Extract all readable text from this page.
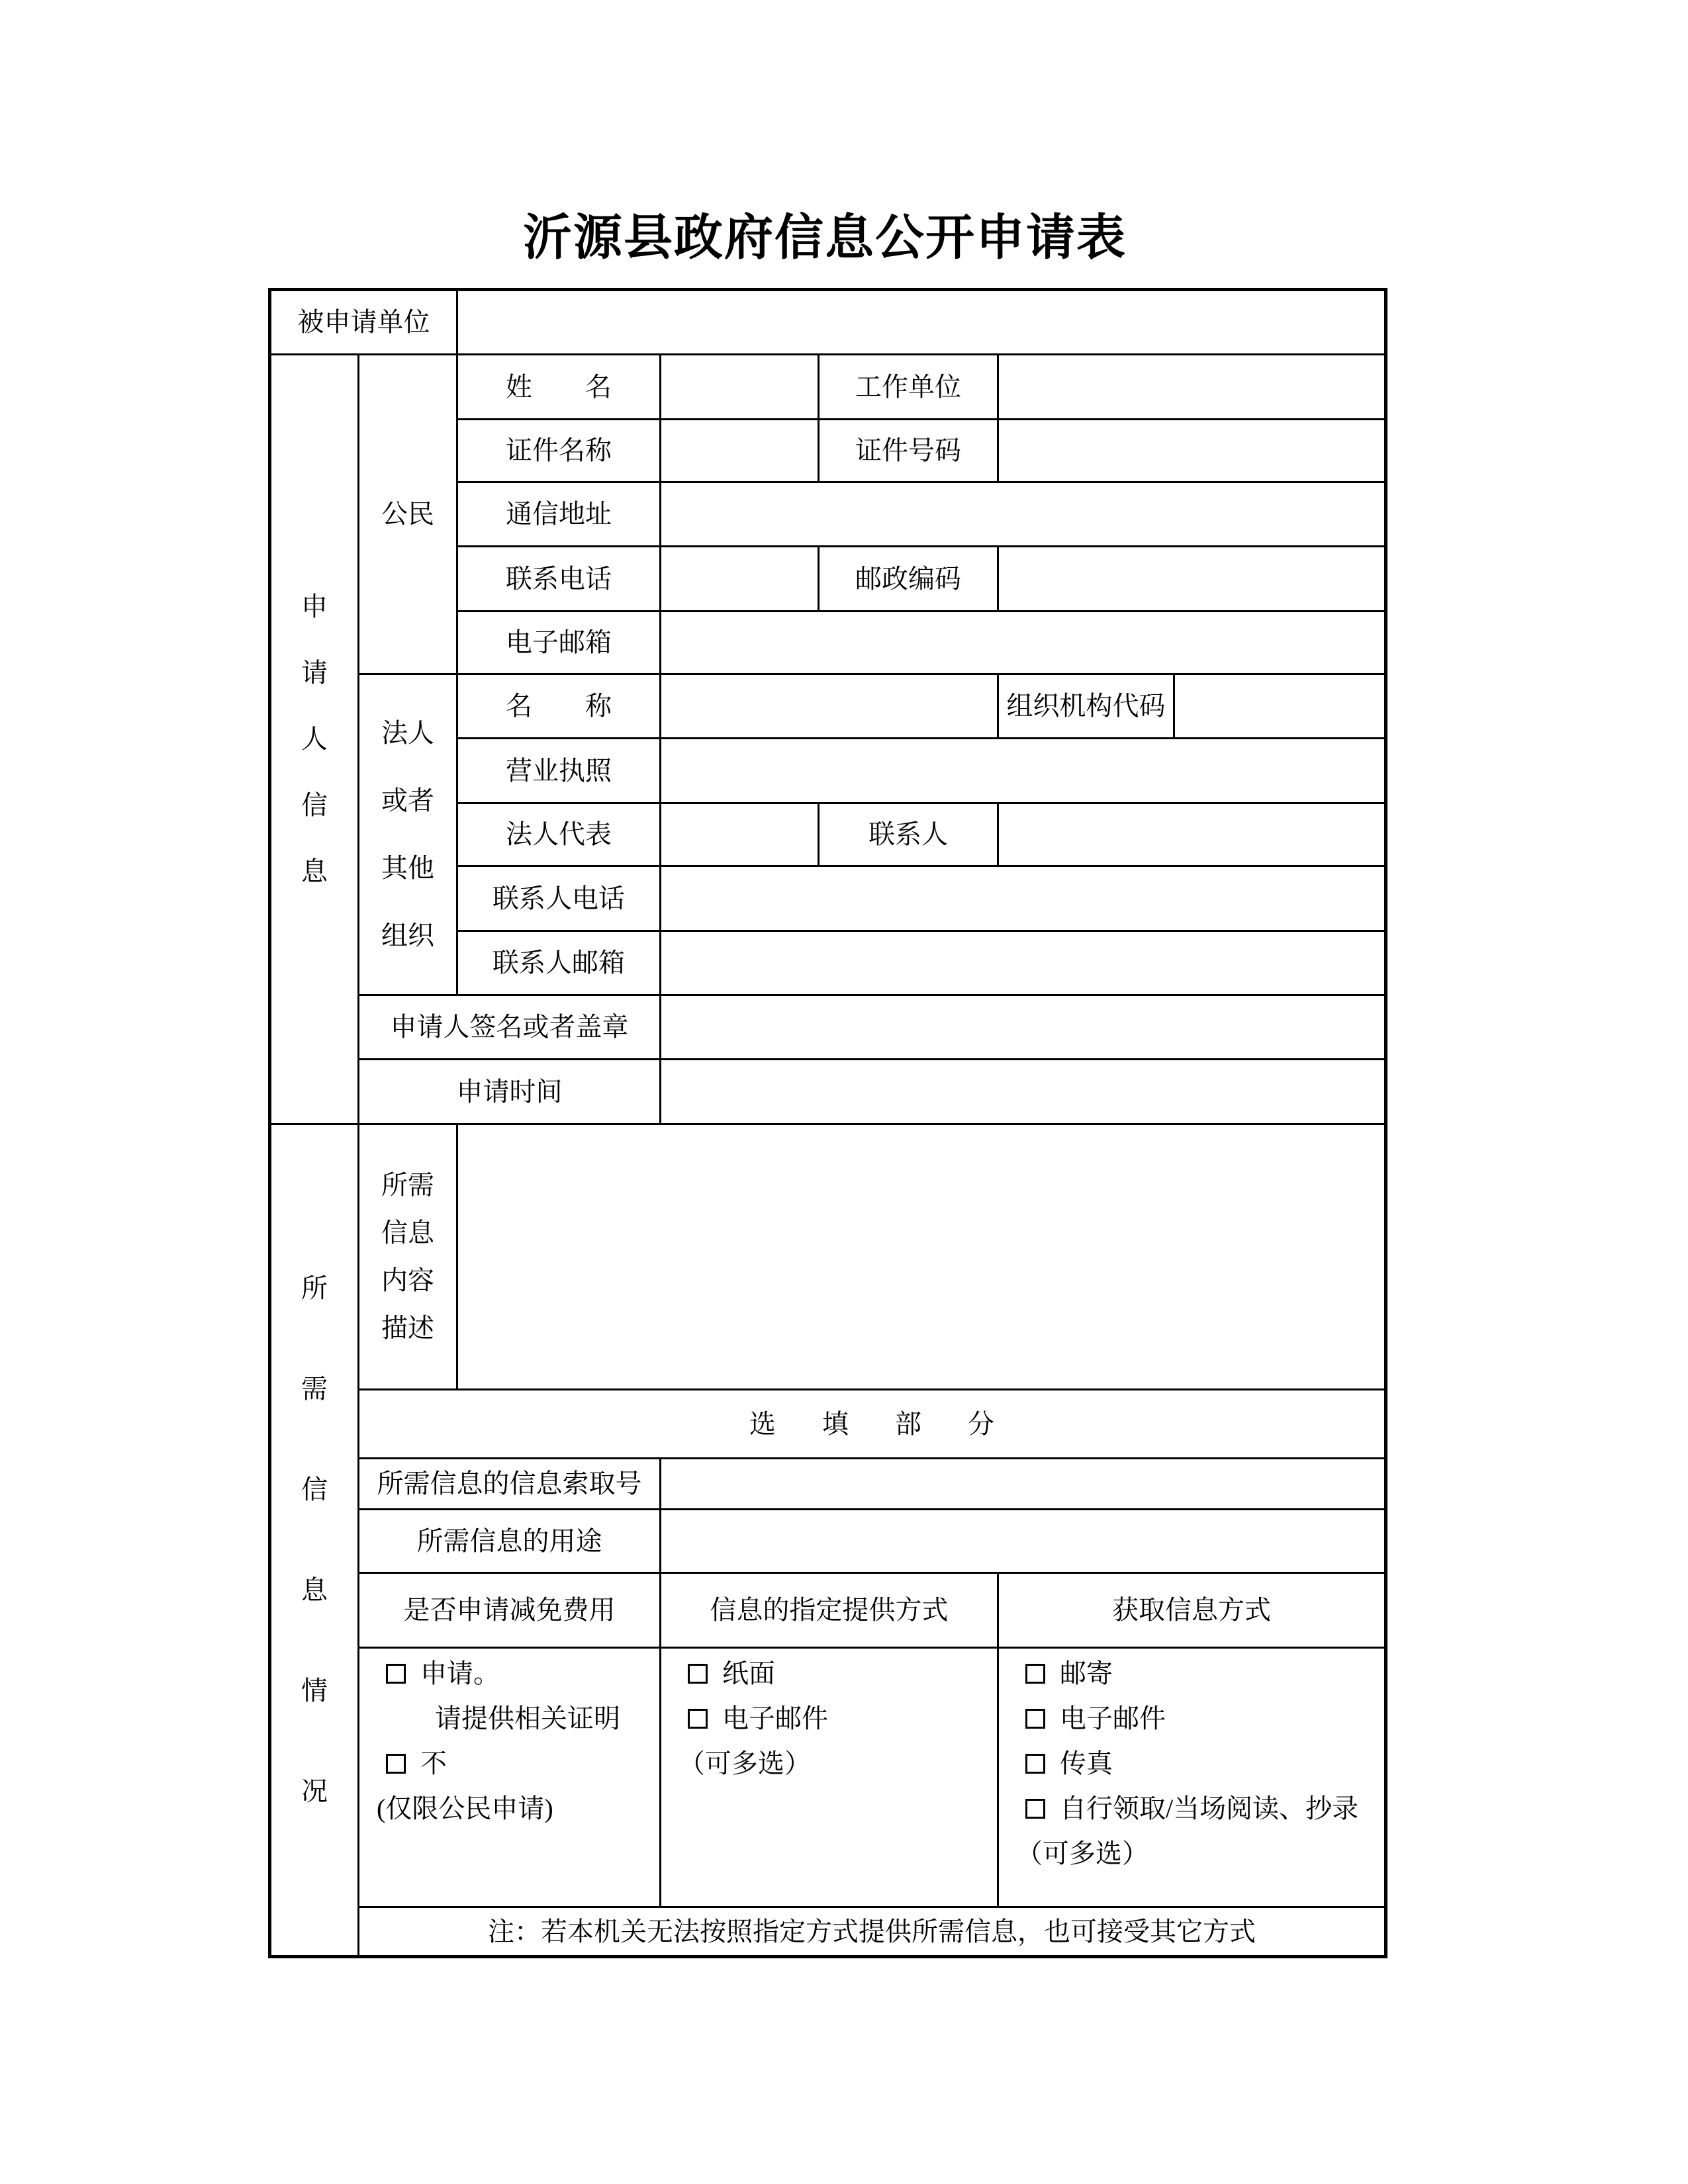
沂源县政府信息公开申请表
被申请单位
申
请
人
信
息
公民
姓　　名	工作单位
证件名称	证件号码
通信地址
联系电话	邮政编码
电子邮箱
法人
或者
其他
组织
名　　称	组织机构代码
营业执照
法人代表	联系人
联系人电话
联系人邮箱
申请人签名或者盖章
申请时间
所
需
信
息
情
况
所需
信息
内容
描述
选填部分
所需信息的信息索取号
所需信息的用途
是否申请减免费用	信息的指定提供方式	获取信息方式
申请。
请提供相关证明
不
(仅限公民申请)
纸面
电子邮件
（可多选）
邮寄
电子邮件
传真
自行领取/当场阅读、抄录
（可多选）
注：若本机关无法按照指定方式提供所需信息，也可接受其它方式
